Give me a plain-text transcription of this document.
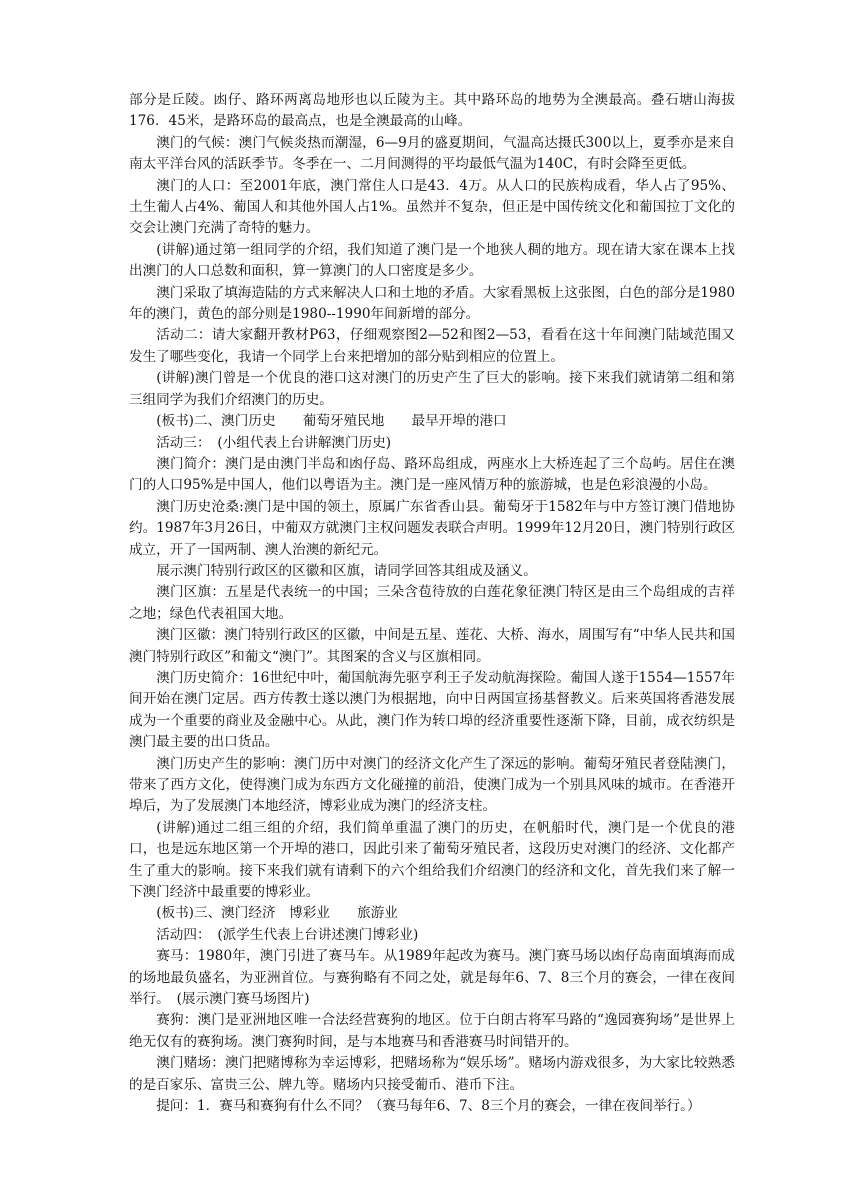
部分是丘陵。凼仔、路环两离岛地形也以丘陵为主。其中路环岛的地势为全澳最高。叠石塘山海拔176．45米，是路环岛的最高点，也是全澳最高的山峰。

澳门的气候：澳门气候炎热而潮湿，6—9月的盛夏期间，气温高达摄氏300以上，夏季亦是来自南太平洋台风的活跃季节。冬季在一、二月间测得的平均最低气温为140C，有时会降至更低。

澳门的人口：至2001年底，澳门常住人口是43．4万。从人口的民族构成看，华人占了95%、土生葡人占4%、葡国人和其他外国人占1%。虽然并不复杂，但正是中国传统文化和葡国拉丁文化的交会让澳门充满了奇特的魅力。

(讲解)通过第一组同学的介绍，我们知道了澳门是一个地狭人稠的地方。现在请大家在课本上找出澳门的人口总数和面积，算一算澳门的人口密度是多少。

澳门采取了填海造陆的方式来解决人口和土地的矛盾。大家看黑板上这张图，白色的部分是1980年的澳门，黄色的部分则是1980--1990年间新增的部分。

活动二：请大家翻开教材P63，仔细观察图2—52和图2—53，看看在这十年间澳门陆域范围又发生了哪些变化，我请一个同学上台来把增加的部分贴到相应的位置上。

(讲解)澳门曾是一个优良的港口这对澳门的历史产生了巨大的影响。接下来我们就请第二组和第三组同学为我们介绍澳门的历史。

(板书)二、澳门历史　　葡萄牙殖民地　　最早开埠的港口

活动三：　(小组代表上台讲解澳门历史)

澳门简介：澳门是由澳门半岛和凼仔岛、路环岛组成，两座水上大桥连起了三个岛屿。居住在澳门的人口95%是中国人，他们以粤语为主。澳门是一座风情万种的旅游城，也是色彩浪漫的小岛。

澳门历史沧桑:澳门是中国的领土，原属广东省香山县。葡萄牙于1582年与中方签订澳门借地协约。1987年3月26日，中葡双方就澳门主权问题发表联合声明。1999年12月20日，澳门特别行政区成立，开了一国两制、澳人治澳的新纪元。

展示澳门特别行政区的区徽和区旗，请同学回答其组成及涵义。

澳门区旗：五星是代表统一的中国；三朵含苞待放的白莲花象征澳门特区是由三个岛组成的吉祥之地；绿色代表祖国大地。

澳门区徽：澳门特别行政区的区徽，中间是五星、莲花、大桥、海水，周围写有“中华人民共和国澳门特别行政区”和葡文“澳门”。其图案的含义与区旗相同。

澳门历史简介：16世纪中叶，葡国航海先驱亨利王子发动航海探险。葡国人遂于1554—1557年间开始在澳门定居。西方传教士遂以澳门为根据地，向中日两国宣扬基督教义。后来英国将香港发展成为一个重要的商业及金融中心。从此，澳门作为转口埠的经济重要性逐渐下降，目前，成衣纺织是澳门最主要的出口货品。

澳门历史产生的影响：澳门历中对澳门的经济文化产生了深远的影响。葡萄牙殖民者登陆澳门，带来了西方文化，使得澳门成为东西方文化碰撞的前沿，使澳门成为一个别具风味的城市。在香港开埠后，为了发展澳门本地经济，博彩业成为澳门的经济支柱。

(讲解)通过二组三组的介绍，我们简单重温了澳门的历史，在帆船时代，澳门是一个优良的港口，也是远东地区第一个开埠的港口，因此引来了葡萄牙殖民者，这段历史对澳门的经济、文化都产生了重大的影响。接下来我们就有请剩下的六个组给我们介绍澳门的经济和文化，首先我们来了解一下澳门经济中最重要的博彩业。

(板书)三、澳门经济　博彩业　　旅游业

活动四：　(派学生代表上台讲述澳门博彩业)

赛马：1980年，澳门引进了赛马车。从1989年起改为赛马。澳门赛马场以凼仔岛南面填海而成的场地最负盛名，为亚洲首位。与赛狗略有不同之处，就是每年6、7、8三个月的赛会，一律在夜间举行。　(展示澳门赛马场图片)

赛狗：澳门是亚洲地区唯一合法经营赛狗的地区。位于白朗古将军马路的“逸园赛狗场”是世界上绝无仅有的赛狗场。澳门赛狗时间，是与本地赛马和香港赛马时间错开的。

澳门赌场：澳门把赌博称为幸运博彩，把赌场称为“娱乐场”。赌场内游戏很多，为大家比较熟悉的是百家乐、富贵三公、牌九等。赌场内只接受葡币、港币下注。

提问：1．赛马和赛狗有什么不同？（赛马每年6、7、8三个月的赛会，一律在夜间举行。）
